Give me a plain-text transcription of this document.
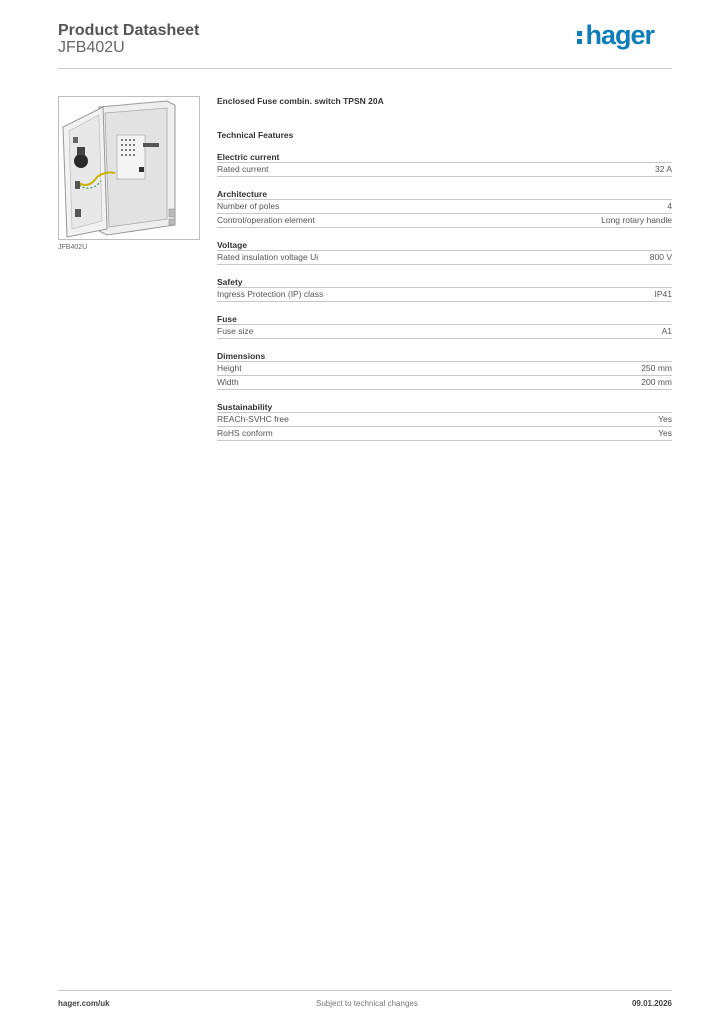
Product Datasheet
JFB402U	hager
JFB402U
Enclosed Fuse combin. switch TPSN 20A
Technical Features
Electric current
Rated current	32 A
Architecture
Number of poles	4
Control/operation element	Long rotary handle
Voltage
Rated insulation voltage Ui	800 V
Safety
Ingress Protection (IP) class	IP41
Fuse
Fuse size	A1
Dimensions
Height	250 mm
Width	200 mm
Sustainability
REACh-SVHC free	Yes
RoHS conform	Yes
hager.com/uk	Subject to technical changes	09.01.2026
